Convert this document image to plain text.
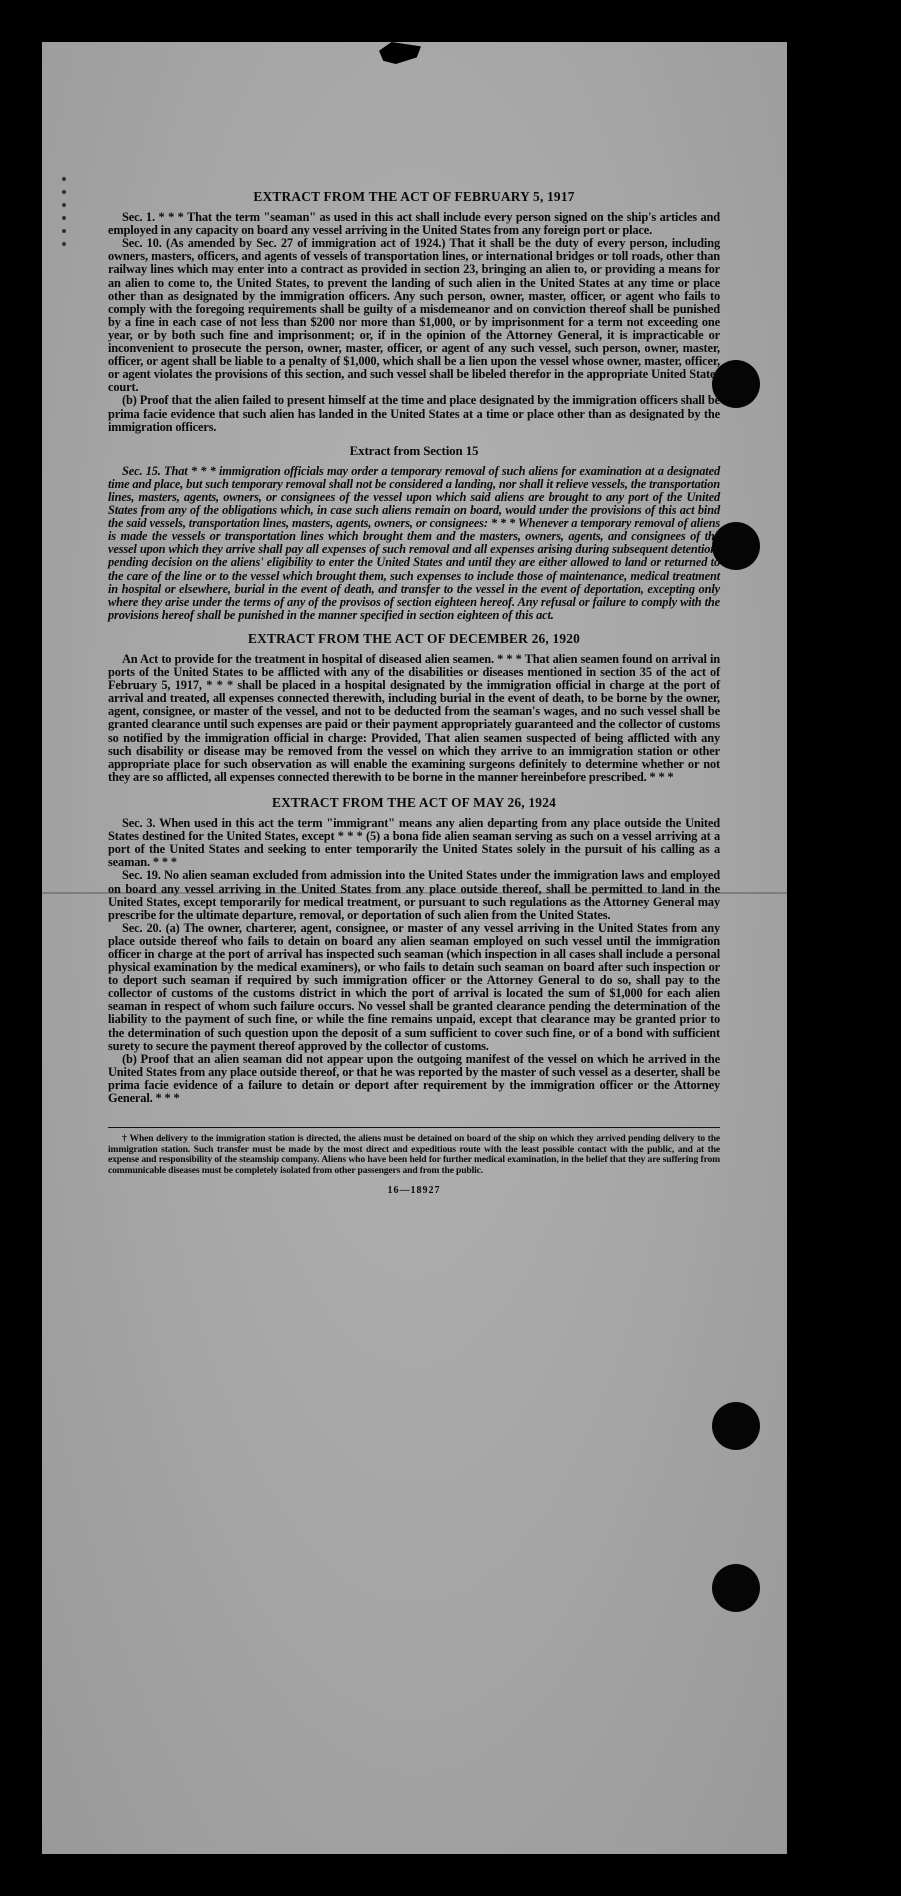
EXTRACT FROM THE ACT OF FEBRUARY 5, 1917

Sec. 1. * * * That the term "seaman" as used in this act shall include every person signed on the ship's articles and employed in any capacity on board any vessel arriving in the United States from any foreign port or place.

Sec. 10. (As amended by Sec. 27 of immigration act of 1924.) That it shall be the duty of every person, including owners, masters, officers, and agents of vessels of transportation lines, or international bridges or toll roads, other than railway lines which may enter into a contract as provided in section 23, bringing an alien to, or providing a means for an alien to come to, the United States, to prevent the landing of such alien in the United States at any time or place other than as designated by the immigration officers. Any such person, owner, master, officer, or agent who fails to comply with the foregoing requirements shall be guilty of a misdemeanor and on conviction thereof shall be punished by a fine in each case of not less than $200 nor more than $1,000, or by imprisonment for a term not exceeding one year, or by both such fine and imprisonment; or, if in the opinion of the Attorney General, it is impracticable or inconvenient to prosecute the person, owner, master, officer, or agent of any such vessel, such person, owner, master, officer, or agent shall be liable to a penalty of $1,000, which shall be a lien upon the vessel whose owner, master, officer, or agent violates the provisions of this section, and such vessel shall be libeled therefor in the appropriate United States court.

(b) Proof that the alien failed to present himself at the time and place designated by the immigration officers shall be prima facie evidence that such alien has landed in the United States at a time or place other than as designated by the immigration officers.

Extract from Section 15

Sec. 15. That * * * immigration officials may order a temporary removal of such aliens for examination at a designated time and place, but such temporary removal shall not be considered a landing, nor shall it relieve vessels, the transportation lines, masters, agents, owners, or consignees of the vessel upon which said aliens are brought to any port of the United States from any of the obligations which, in case such aliens remain on board, would under the provisions of this act bind the said vessels, transportation lines, masters, agents, owners, or consignees: * * * Whenever a temporary removal of aliens is made the vessels or transportation lines which brought them and the masters, owners, agents, and consignees of the vessel upon which they arrive shall pay all expenses of such removal and all expenses arising during subsequent detention, pending decision on the aliens' eligibility to enter the United States and until they are either allowed to land or returned to the care of the line or to the vessel which brought them, such expenses to include those of maintenance, medical treatment in hospital or elsewhere, burial in the event of death, and transfer to the vessel in the event of deportation, excepting only where they arise under the terms of any of the provisos of section eighteen hereof. Any refusal or failure to comply with the provisions hereof shall be punished in the manner specified in section eighteen of this act.

EXTRACT FROM THE ACT OF DECEMBER 26, 1920

An Act to provide for the treatment in hospital of diseased alien seamen. * * * That alien seamen found on arrival in ports of the United States to be afflicted with any of the disabilities or diseases mentioned in section 35 of the act of February 5, 1917, * * * shall be placed in a hospital designated by the immigration official in charge at the port of arrival and treated, all expenses connected therewith, including burial in the event of death, to be borne by the owner, agent, consignee, or master of the vessel, and not to be deducted from the seaman's wages, and no such vessel shall be granted clearance until such expenses are paid or their payment appropriately guaranteed and the collector of customs so notified by the immigration official in charge: Provided, That alien seamen suspected of being afflicted with any such disability or disease may be removed from the vessel on which they arrive to an immigration station or other appropriate place for such observation as will enable the examining surgeons definitely to determine whether or not they are so afflicted, all expenses connected therewith to be borne in the manner hereinbefore prescribed. * * *

EXTRACT FROM THE ACT OF MAY 26, 1924

Sec. 3. When used in this act the term "immigrant" means any alien departing from any place outside the United States destined for the United States, except * * * (5) a bona fide alien seaman serving as such on a vessel arriving at a port of the United States and seeking to enter temporarily the United States solely in the pursuit of his calling as a seaman. * * *

Sec. 19. No alien seaman excluded from admission into the United States under the immigration laws and employed on board any vessel arriving in the United States from any place outside thereof, shall be permitted to land in the United States, except temporarily for medical treatment, or pursuant to such regulations as the Attorney General may prescribe for the ultimate departure, removal, or deportation of such alien from the United States.

Sec. 20. (a) The owner, charterer, agent, consignee, or master of any vessel arriving in the United States from any place outside thereof who fails to detain on board any alien seaman employed on such vessel until the immigration officer in charge at the port of arrival has inspected such seaman (which inspection in all cases shall include a personal physical examination by the medical examiners), or who fails to detain such seaman on board after such inspection or to deport such seaman if required by such immigration officer or the Attorney General to do so, shall pay to the collector of customs of the customs district in which the port of arrival is located the sum of $1,000 for each alien seaman in respect of whom such failure occurs. No vessel shall be granted clearance pending the determination of the liability to the payment of such fine, or while the fine remains unpaid, except that clearance may be granted prior to the determination of such question upon the deposit of a sum sufficient to cover such fine, or of a bond with sufficient surety to secure the payment thereof approved by the collector of customs.

(b) Proof that an alien seaman did not appear upon the outgoing manifest of the vessel on which he arrived in the United States from any place outside thereof, or that he was reported by the master of such vessel as a deserter, shall be prima facie evidence of a failure to detain or deport after requirement by the immigration officer or the Attorney General. * * *

† When delivery to the immigration station is directed, the aliens must be detained on board of the ship on which they arrived pending delivery to the immigration station. Such transfer must be made by the most direct and expeditious route with the least possible contact with the public, and at the expense and responsibility of the steamship company. Aliens who have been held for further medical examination, in the belief that they are suffering from communicable diseases must be completely isolated from other passengers and from the public.

16—18927
